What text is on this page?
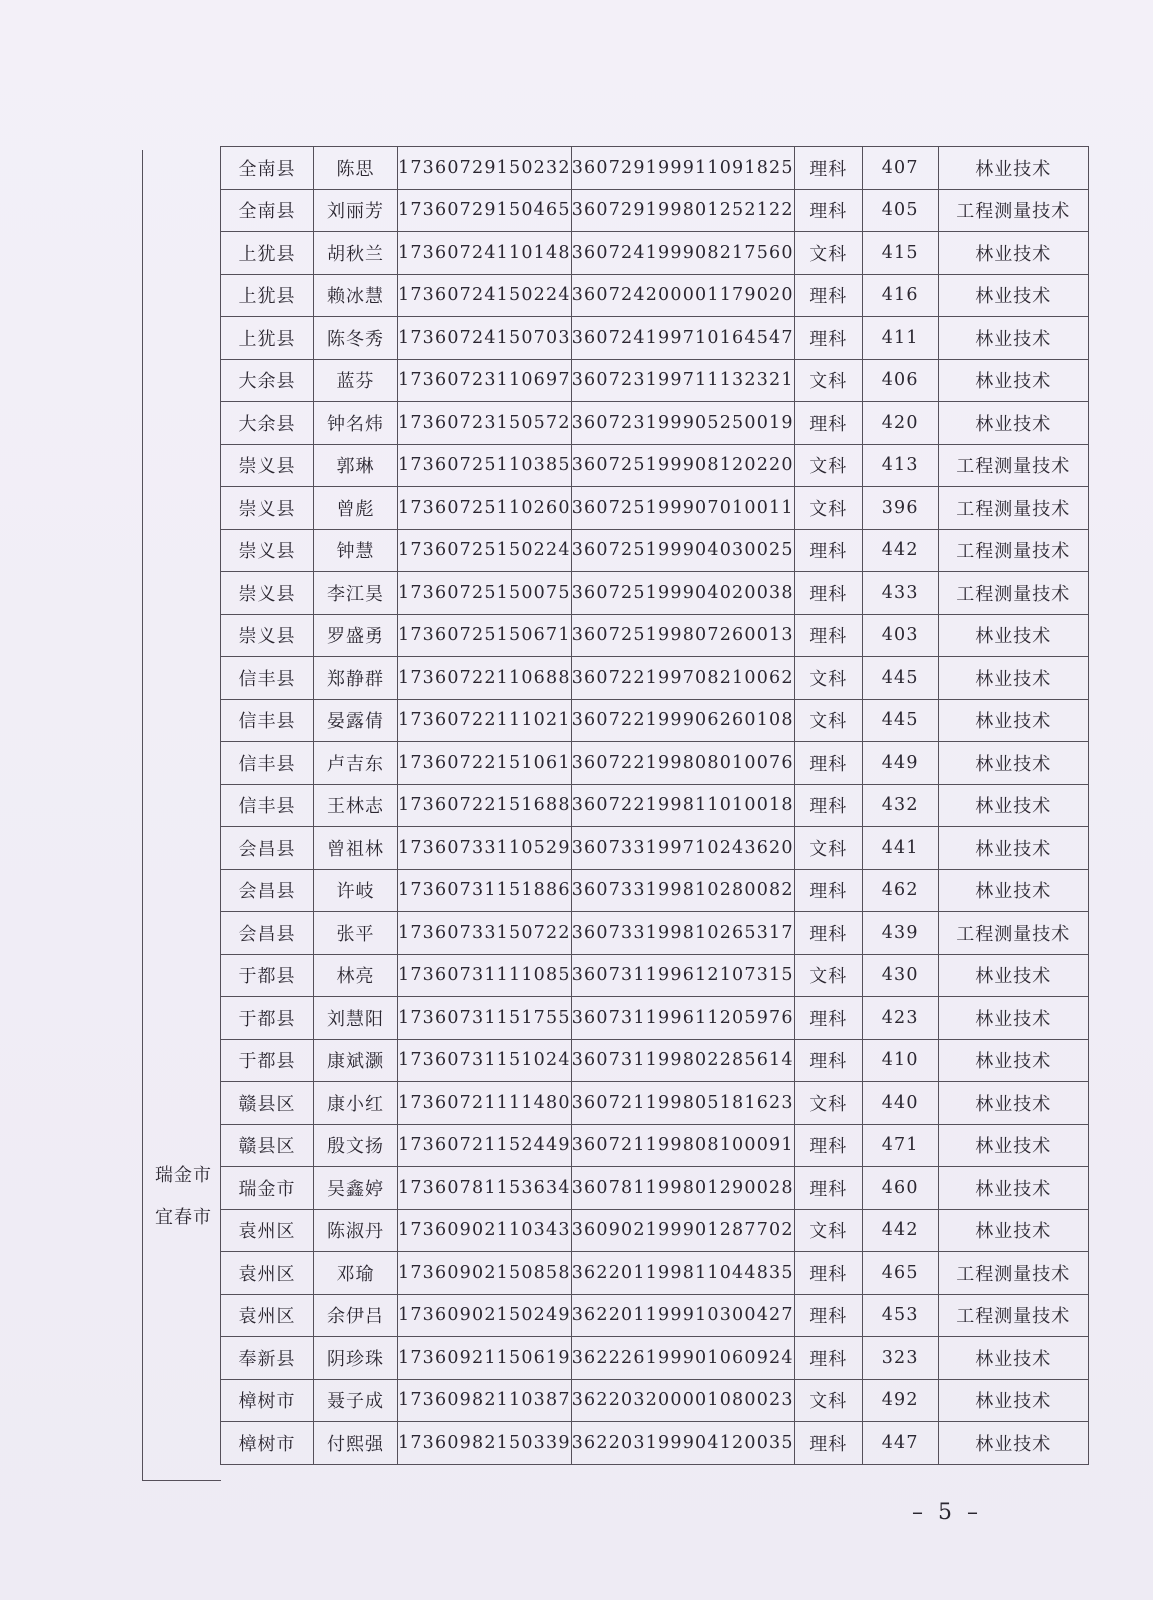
瑞金市
宜春市
全南县	陈思	17360729150232	360729199911091825	理科	407	林业技术
全南县	刘丽芳	17360729150465	360729199801252122	理科	405	工程测量技术
上犹县	胡秋兰	17360724110148	360724199908217560	文科	415	林业技术
上犹县	赖冰慧	17360724150224	360724200001179020	理科	416	林业技术
上犹县	陈冬秀	17360724150703	360724199710164547	理科	411	林业技术
大余县	蓝芬	17360723110697	360723199711132321	文科	406	林业技术
大余县	钟名炜	17360723150572	360723199905250019	理科	420	林业技术
崇义县	郭琳	17360725110385	360725199908120220	文科	413	工程测量技术
崇义县	曾彪	17360725110260	360725199907010011	文科	396	工程测量技术
崇义县	钟慧	17360725150224	360725199904030025	理科	442	工程测量技术
崇义县	李江昊	17360725150075	360725199904020038	理科	433	工程测量技术
崇义县	罗盛勇	17360725150671	360725199807260013	理科	403	林业技术
信丰县	郑静群	17360722110688	360722199708210062	文科	445	林业技术
信丰县	晏露倩	17360722111021	360722199906260108	文科	445	林业技术
信丰县	卢吉东	17360722151061	360722199808010076	理科	449	林业技术
信丰县	王林志	17360722151688	360722199811010018	理科	432	林业技术
会昌县	曾祖林	17360733110529	360733199710243620	文科	441	林业技术
会昌县	许岐	17360731151886	360733199810280082	理科	462	林业技术
会昌县	张平	17360733150722	360733199810265317	理科	439	工程测量技术
于都县	林亮	17360731111085	360731199612107315	文科	430	林业技术
于都县	刘慧阳	17360731151755	360731199611205976	理科	423	林业技术
于都县	康斌灏	17360731151024	360731199802285614	理科	410	林业技术
赣县区	康小红	17360721111480	360721199805181623	文科	440	林业技术
赣县区	殷文扬	17360721152449	360721199808100091	理科	471	林业技术
瑞金市	吴鑫婷	17360781153634	360781199801290028	理科	460	林业技术
袁州区	陈淑丹	17360902110343	360902199901287702	文科	442	林业技术
袁州区	邓瑜	17360902150858	362201199811044835	理科	465	工程测量技术
袁州区	余伊吕	17360902150249	362201199910300427	理科	453	工程测量技术
奉新县	阴珍珠	17360921150619	362226199901060924	理科	323	林业技术
樟树市	聂子成	17360982110387	362203200001080023	文科	492	林业技术
樟树市	付熙强	17360982150339	362203199904120035	理科	447	林业技术
– 5 –
